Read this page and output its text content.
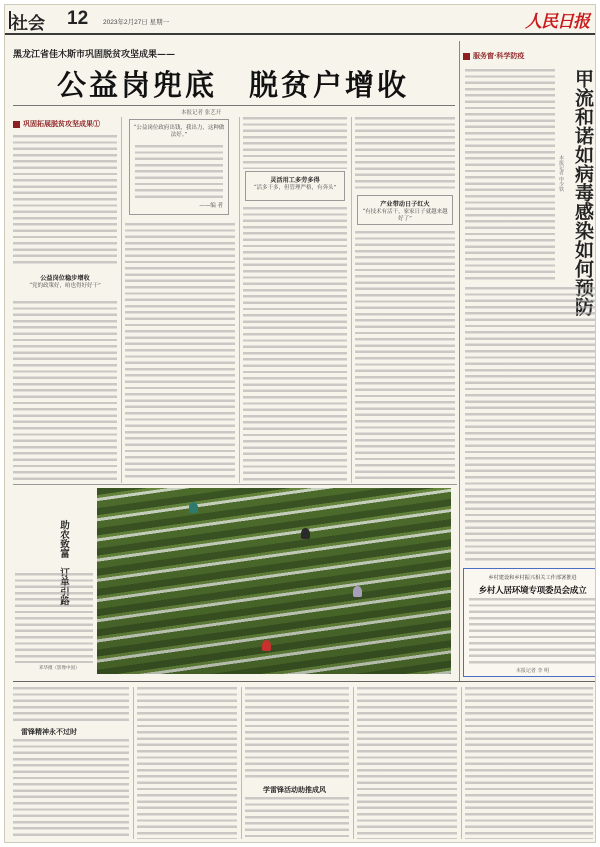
社会 12 2023年2月27日 星期一	人民日报
黑龙江省佳木斯市巩固脱贫攻坚成果——
公益岗兜底　脱贫户增收
本报记者 张艺开
巩固拓展脱贫攻坚成果①
公益岗位稳步增收
“党的政策好，咱也得好好干”
“公益岗位政府出钱，我出力，这种做法好。”
——编 者
灵活用工多劳多得
“活多干多，但管理严格，有奔头”
产业带动日子红火
“有技术有活干，家家日子就越来越好了”
服务窗·科学防疫
甲流和诺如病毒感染如何预防
本报记者 申少铁
乡村建设和乡村振兴相关工作部署推进
乡村人居环境专项委员会成立
本报记者 李 明
助农致富　订单引路
邓华摄（影像中国）
雷锋精神永不过时
学雷锋活动助推成风
